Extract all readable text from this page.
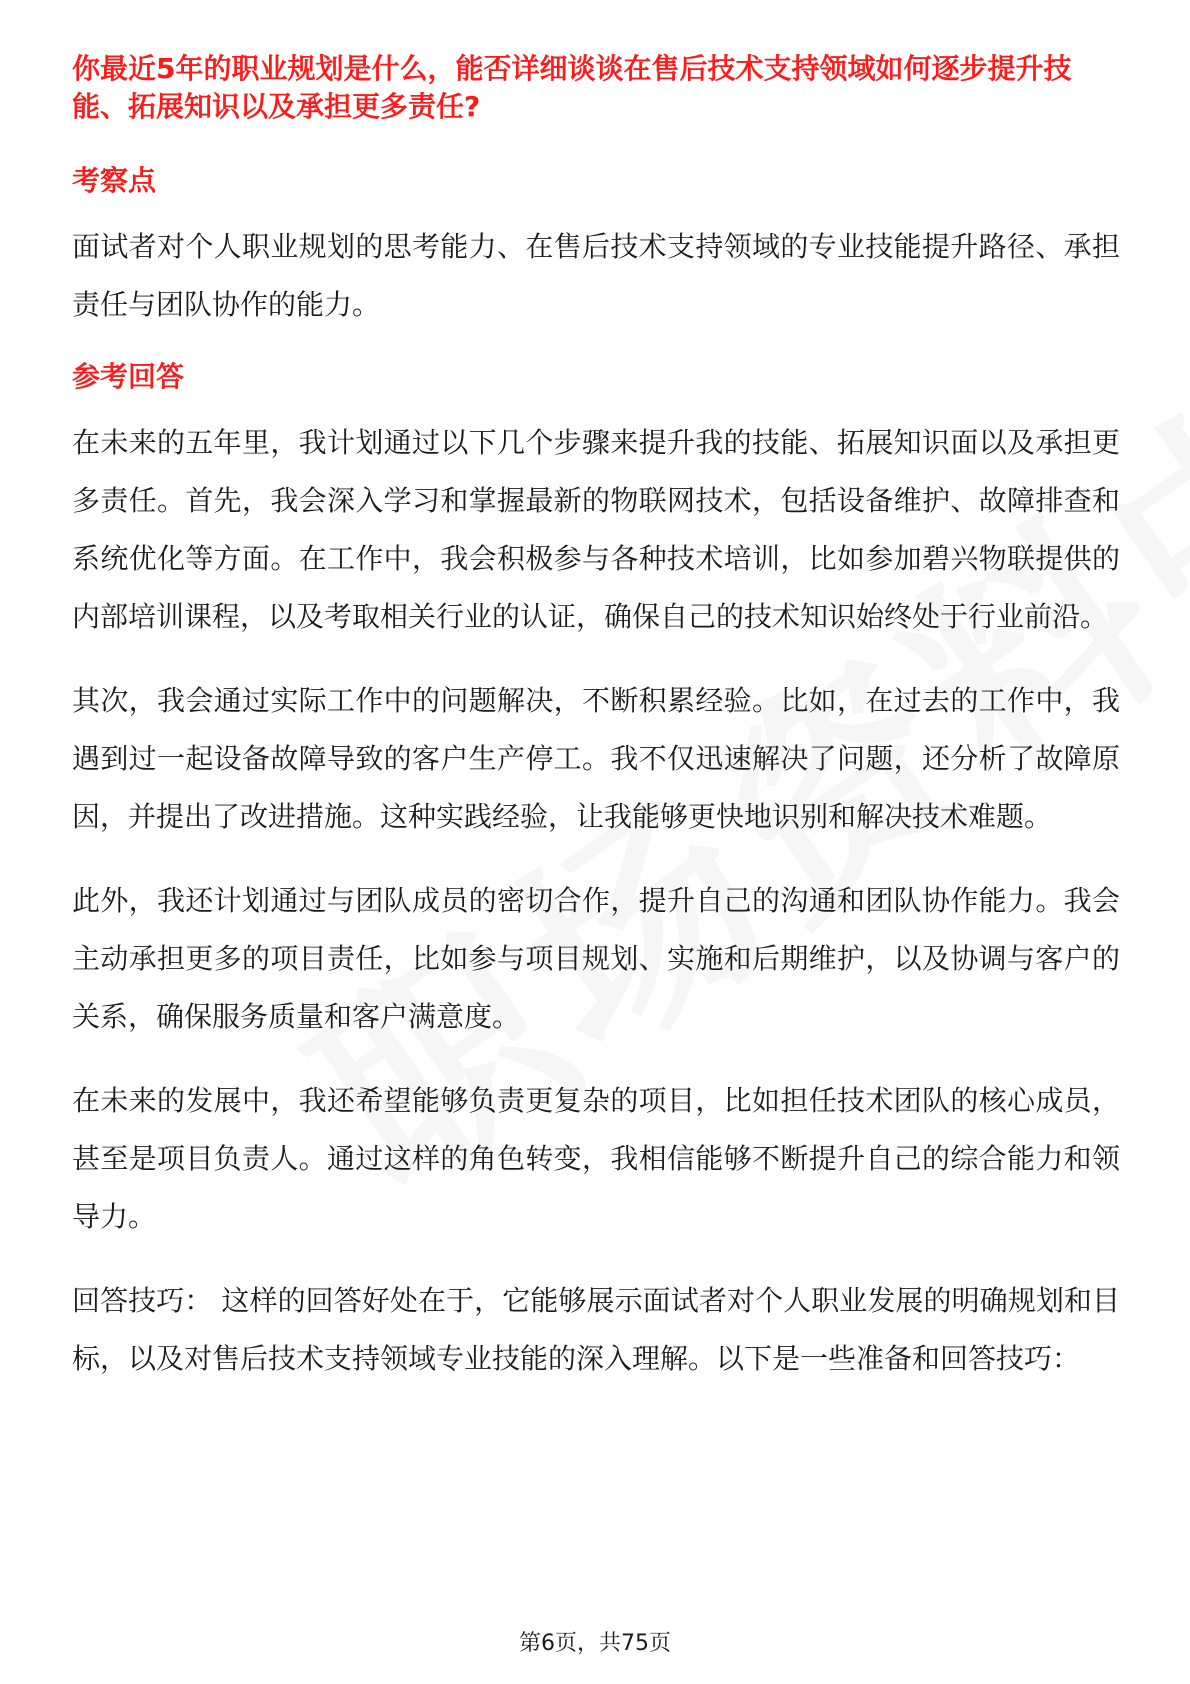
你最近5年的职业规划是什么，能否详细谈谈在售后技术支持领域如何逐步提升技能、拓展知识以及承担更多责任?
考察点
面试者对个人职业规划的思考能力、在售后技术支持领域的专业技能提升路径、承担责任与团队协作的能力。
参考回答
在未来的五年里，我计划通过以下几个步骤来提升我的技能、拓展知识面以及承担更多责任。首先，我会深入学习和掌握最新的物联网技术，包括设备维护、故障排查和系统优化等方面。在工作中，我会积极参与各种技术培训，比如参加碧兴物联提供的内部培训课程，以及考取相关行业的认证，确保自己的技术知识始终处于行业前沿。
其次，我会通过实际工作中的问题解决，不断积累经验。比如，在过去的工作中，我遇到过一起设备故障导致的客户生产停工。我不仅迅速解决了问题，还分析了故障原因，并提出了改进措施。这种实践经验，让我能够更快地识别和解决技术难题。
此外，我还计划通过与团队成员的密切合作，提升自己的沟通和团队协作能力。我会主动承担更多的项目责任，比如参与项目规划、实施和后期维护，以及协调与客户的关系，确保服务质量和客户满意度。
在未来的发展中，我还希望能够负责更复杂的项目，比如担任技术团队的核心成员，甚至是项目负责人。通过这样的角色转变，我相信能够不断提升自己的综合能力和领导力。
回答技巧： 这样的回答好处在于，它能够展示面试者对个人职业发展的明确规划和目标，以及对售后技术支持领域专业技能的深入理解。以下是一些准备和回答技巧：
第6页，共75页
